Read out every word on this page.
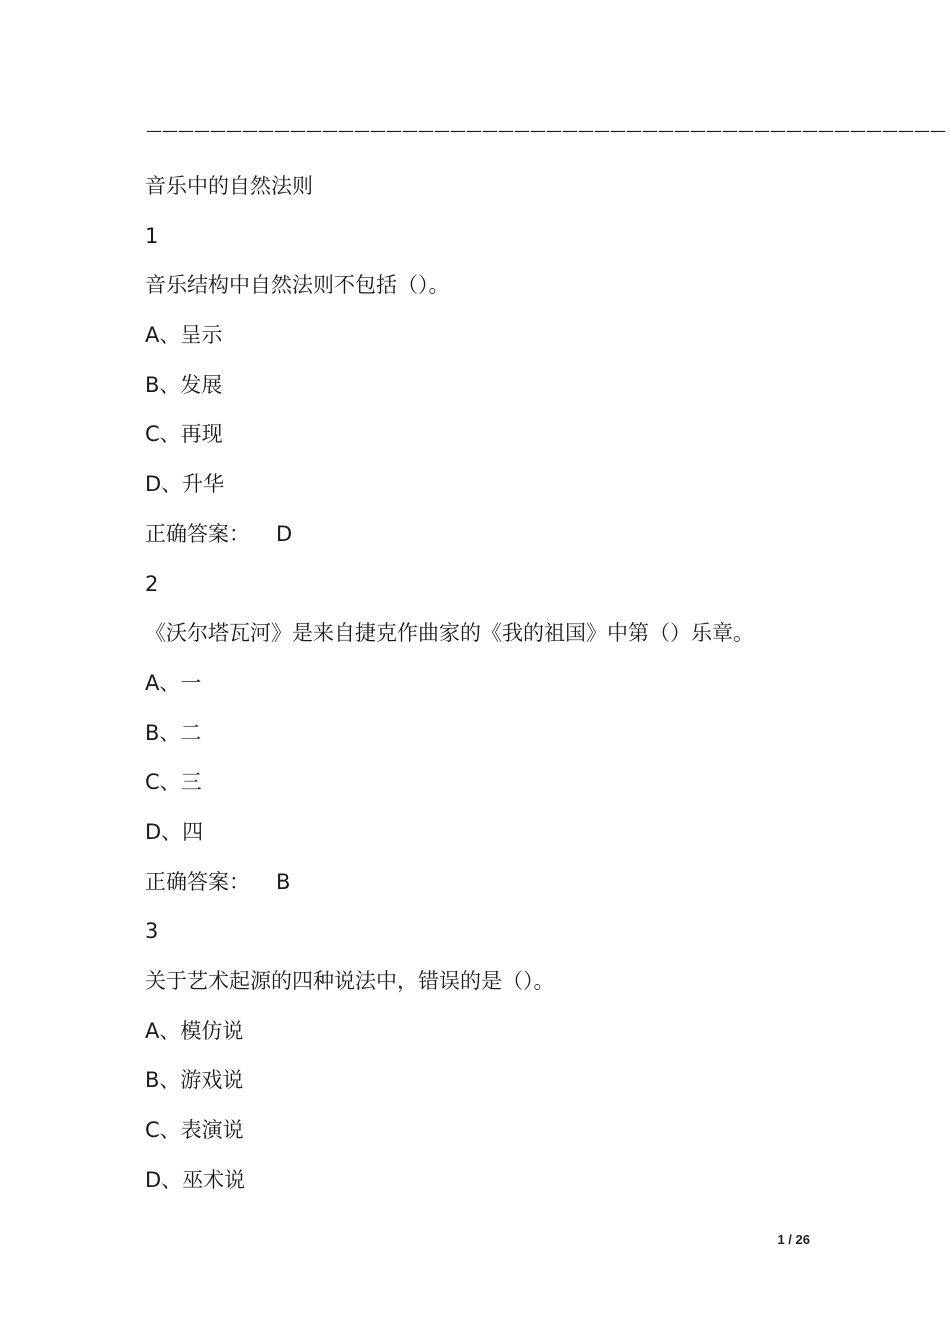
——————————————————————————————————————————————————
音乐中的自然法则
1
音乐结构中自然法则不包括（）。
A、呈示
B、发展
C、再现
D、升华
正确答案： D
2
《沃尔塔瓦河》是来自捷克作曲家的《我的祖国》中第（）乐章。
A、一
B、二
C、三
D、四
正确答案： B
3
关于艺术起源的四种说法中，错误的是（）。
A、模仿说
B、游戏说
C、表演说
D、巫术说
1 / 26
